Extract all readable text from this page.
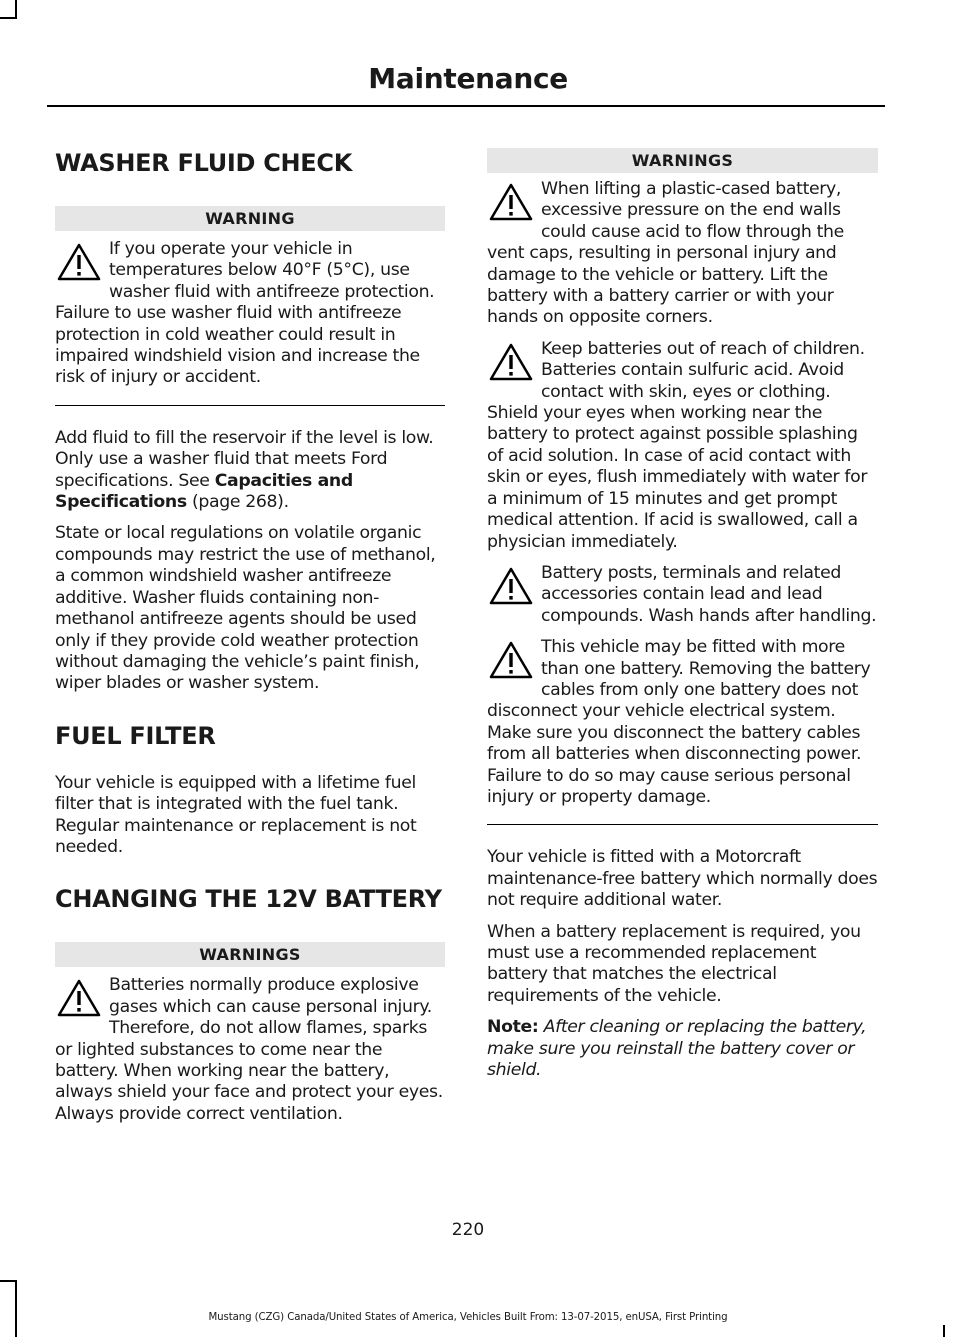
Maintenance
WASHER FLUID CHECK
WARNING
If you operate your vehicle in temperatures below 40°F (5°C), use washer fluid with antifreeze protection. Failure to use washer fluid with antifreeze protection in cold weather could result in impaired windshield vision and increase the risk of injury or accident.

Add fluid to fill the reservoir if the level is low. Only use a washer fluid that meets Ford specifications. See Capacities and Specifications (page 268).

State or local regulations on volatile organic compounds may restrict the use of methanol, a common windshield washer antifreeze additive. Washer fluids containing non-methanol antifreeze agents should be used only if they provide cold weather protection without damaging the vehicle’s paint finish, wiper blades or washer system.

FUEL FILTER

Your vehicle is equipped with a lifetime fuel filter that is integrated with the fuel tank. Regular maintenance or replacement is not needed.

CHANGING THE 12V BATTERY
WARNINGS
Batteries normally produce explosive gases which can cause personal injury. Therefore, do not allow flames, sparks or lighted substances to come near the battery. When working near the battery, always shield your face and protect your eyes. Always provide correct ventilation.
WARNINGS
When lifting a plastic-cased battery, excessive pressure on the end walls could cause acid to flow through the vent caps, resulting in personal injury and damage to the vehicle or battery. Lift the battery with a battery carrier or with your hands on opposite corners.
Keep batteries out of reach of children. Batteries contain sulfuric acid. Avoid contact with skin, eyes or clothing. Shield your eyes when working near the battery to protect against possible splashing of acid solution. In case of acid contact with skin or eyes, flush immediately with water for a minimum of 15 minutes and get prompt medical attention. If acid is swallowed, call a physician immediately.
Battery posts, terminals and related accessories contain lead and lead compounds. Wash hands after handling.
This vehicle may be fitted with more than one battery. Removing the battery cables from only one battery does not disconnect your vehicle electrical system. Make sure you disconnect the battery cables from all batteries when disconnecting power. Failure to do so may cause serious personal injury or property damage.

Your vehicle is fitted with a Motorcraft maintenance-free battery which normally does not require additional water.

When a battery replacement is required, you must use a recommended replacement battery that matches the electrical requirements of the vehicle.

Note: After cleaning or replacing the battery, make sure you reinstall the battery cover or shield.

220
Mustang (CZG) Canada/United States of America, Vehicles Built From: 13-07-2015, enUSA, First Printing
